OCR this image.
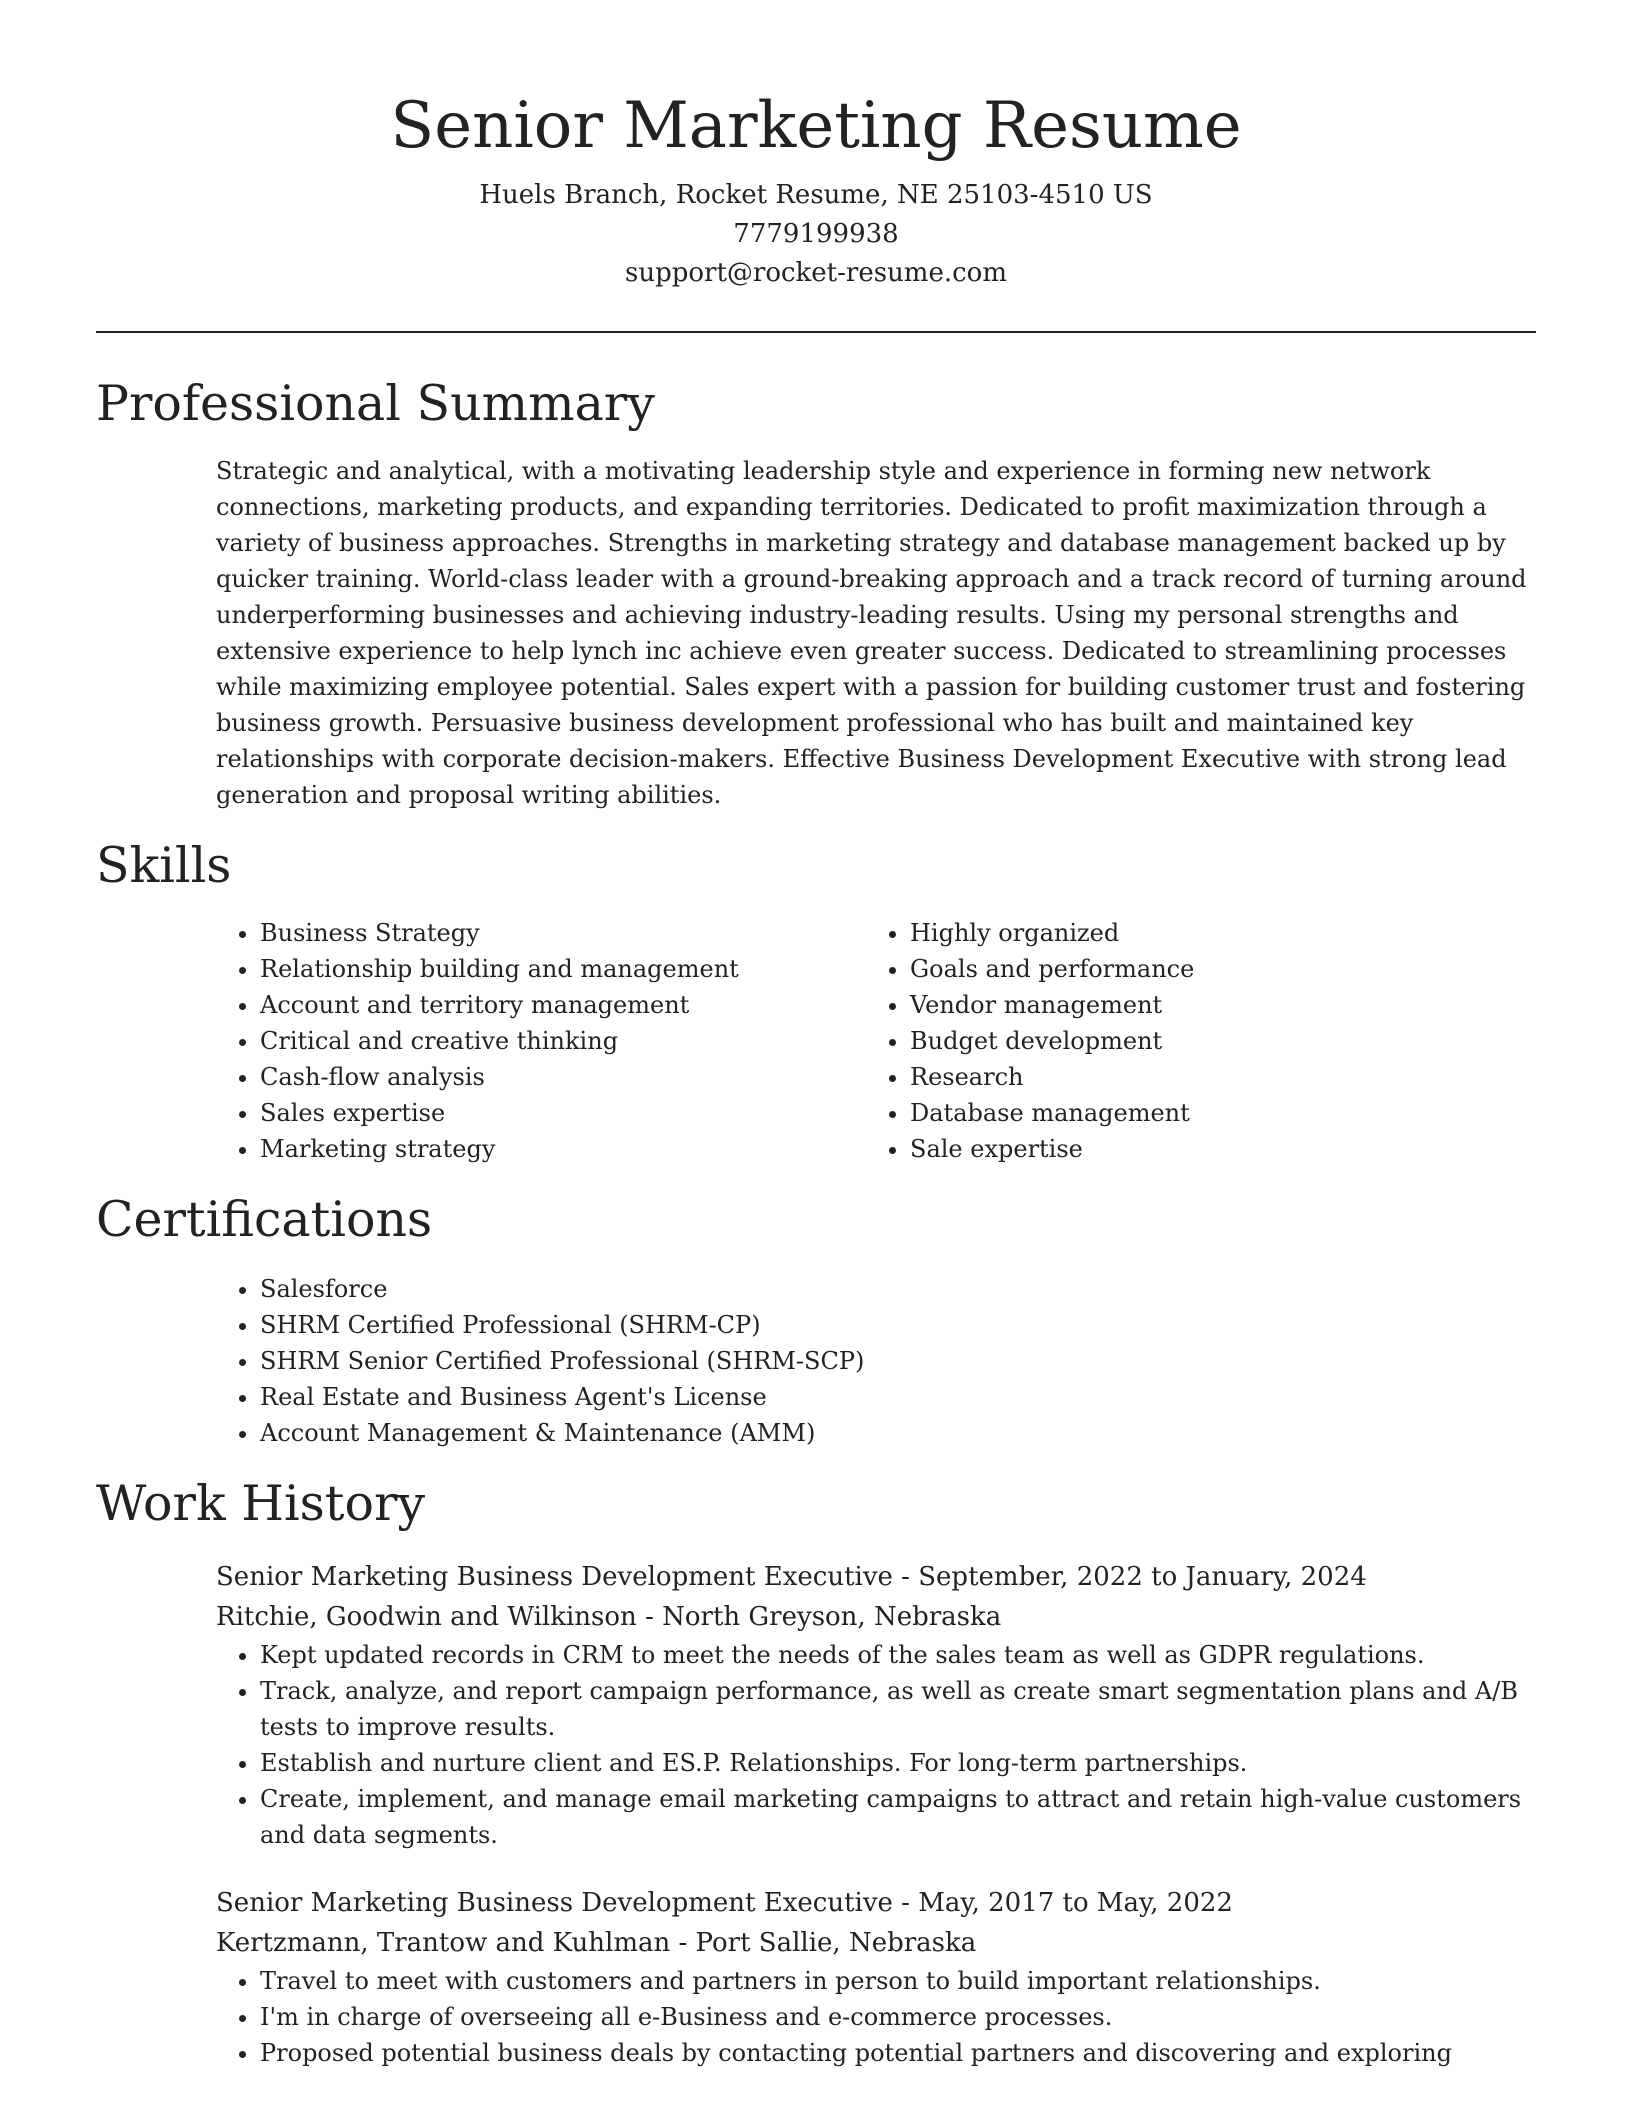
Senior Marketing Resume
Huels Branch, Rocket Resume, NE 25103-4510 US
7779199938
support@rocket-resume.com
Professional Summary
Strategic and analytical, with a motivating leadership style and experience in forming new network connections, marketing products, and expanding territories. Dedicated to profit maximization through a variety of business approaches. Strengths in marketing strategy and database management backed up by quicker training. World-class leader with a ground-breaking approach and a track record of turning around underperforming businesses and achieving industry-leading results. Using my personal strengths and extensive experience to help lynch inc achieve even greater success. Dedicated to streamlining processes while maximizing employee potential. Sales expert with a passion for building customer trust and fostering business growth. Persuasive business development professional who has built and maintained key relationships with corporate decision-makers. Effective Business Development Executive with strong lead generation and proposal writing abilities.
Skills
• Business Strategy
• Relationship building and management
• Account and territory management
• Critical and creative thinking
• Cash-flow analysis
• Sales expertise
• Marketing strategy
• Highly organized
• Goals and performance
• Vendor management
• Budget development
• Research
• Database management
• Sale expertise
Certifications
• Salesforce
• SHRM Certified Professional (SHRM-CP)
• SHRM Senior Certified Professional (SHRM-SCP)
• Real Estate and Business Agent's License
• Account Management & Maintenance (AMM)
Work History
Senior Marketing Business Development Executive - September, 2022 to January, 2024
Ritchie, Goodwin and Wilkinson - North Greyson, Nebraska
• Kept updated records in CRM to meet the needs of the sales team as well as GDPR regulations.
• Track, analyze, and report campaign performance, as well as create smart segmentation plans and A/B tests to improve results.
• Establish and nurture client and ES.P. Relationships. For long-term partnerships.
• Create, implement, and manage email marketing campaigns to attract and retain high-value customers and data segments.
Senior Marketing Business Development Executive - May, 2017 to May, 2022
Kertzmann, Trantow and Kuhlman - Port Sallie, Nebraska
• Travel to meet with customers and partners in person to build important relationships.
• I'm in charge of overseeing all e-Business and e-commerce processes.
• Proposed potential business deals by contacting potential partners and discovering and exploring
